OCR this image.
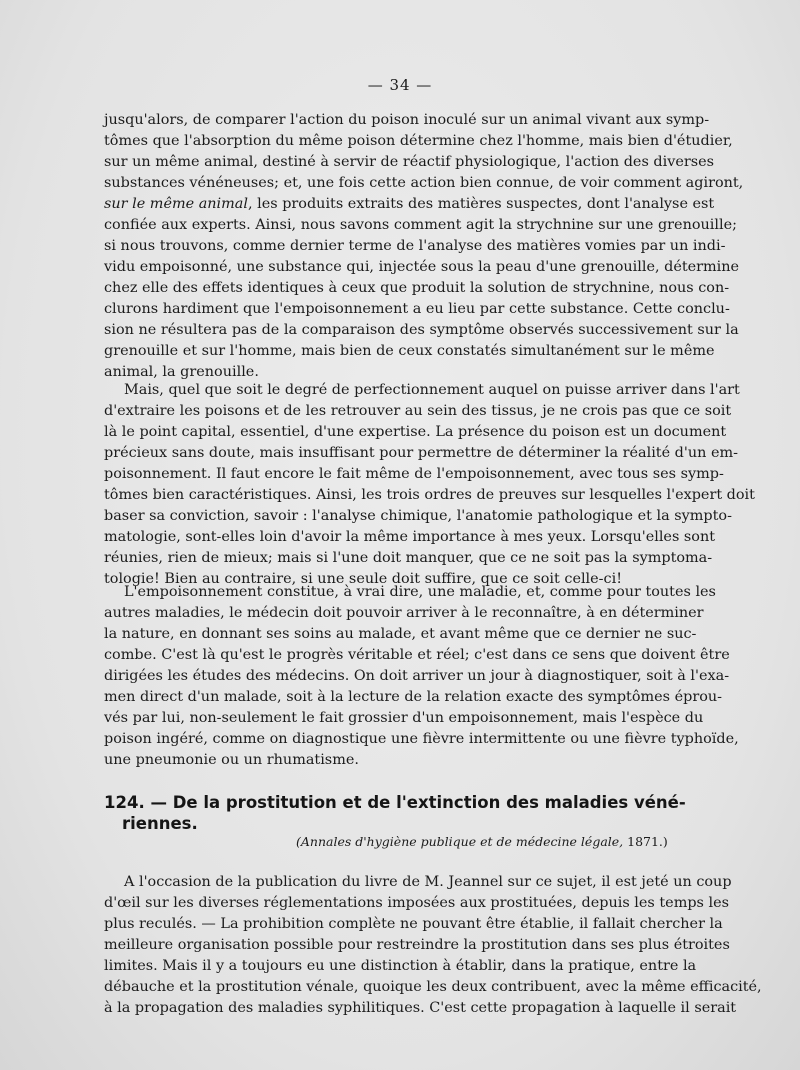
— 34 —
jusqu'alors, de comparer l'action du poison inoculé sur un animal vivant aux symp-
tômes que l'absorption du même poison détermine chez l'homme, mais bien d'étudier,
sur un même animal, destiné à servir de réactif physiologique, l'action des diverses
substances vénéneuses; et, une fois cette action bien connue, de voir comment agiront,
sur le même animal, les produits extraits des matières suspectes, dont l'analyse est
confiée aux experts. Ainsi, nous savons comment agit la strychnine sur une grenouille;
si nous trouvons, comme dernier terme de l'analyse des matières vomies par un indi-
vidu empoisonné, une substance qui, injectée sous la peau d'une grenouille, détermine
chez elle des effets identiques à ceux que produit la solution de strychnine, nous con-
clurons hardiment que l'empoisonnement a eu lieu par cette substance. Cette conclu-
sion ne résultera pas de la comparaison des symptôme observés successivement sur la
grenouille et sur l'homme, mais bien de ceux constatés simultanément sur le même
animal, la grenouille.
Mais, quel que soit le degré de perfectionnement auquel on puisse arriver dans l'art
d'extraire les poisons et de les retrouver au sein des tissus, je ne crois pas que ce soit
là le point capital, essentiel, d'une expertise. La présence du poison est un document
précieux sans doute, mais insuffisant pour permettre de déterminer la réalité d'un em-
poisonnement. Il faut encore le fait même de l'empoisonnement, avec tous ses symp-
tômes bien caractéristiques. Ainsi, les trois ordres de preuves sur lesquelles l'expert doit
baser sa conviction, savoir : l'analyse chimique, l'anatomie pathologique et la sympto-
matologie, sont-elles loin d'avoir la même importance à mes yeux. Lorsqu'elles sont
réunies, rien de mieux; mais si l'une doit manquer, que ce ne soit pas la symptoma-
tologie! Bien au contraire, si une seule doit suffire, que ce soit celle-ci!
L'empoisonnement constitue, à vrai dire, une maladie, et, comme pour toutes les
autres maladies, le médecin doit pouvoir arriver à le reconnaître, à en déterminer
la nature, en donnant ses soins au malade, et avant même que ce dernier ne suc-
combe. C'est là qu'est le progrès véritable et réel; c'est dans ce sens que doivent être
dirigées les études des médecins. On doit arriver un jour à diagnostiquer, soit à l'exa-
men direct d'un malade, soit à la lecture de la relation exacte des symptômes éprou-
vés par lui, non-seulement le fait grossier d'un empoisonnement, mais l'espèce du
poison ingéré, comme on diagnostique une fièvre intermittente ou une fièvre typhoïde,
une pneumonie ou un rhumatisme.
124. — De la prostitution et de l'extinction des maladies véné-
riennes.
(Annales d'hygiène publique et de médecine légale, 1871.)
A l'occasion de la publication du livre de M. Jeannel sur ce sujet, il est jeté un coup
d'œil sur les diverses réglementations imposées aux prostituées, depuis les temps les
plus reculés. — La prohibition complète ne pouvant être établie, il fallait chercher la
meilleure organisation possible pour restreindre la prostitution dans ses plus étroites
limites. Mais il y a toujours eu une distinction à établir, dans la pratique, entre la
débauche et la prostitution vénale, quoique les deux contribuent, avec la même efficacité,
à la propagation des maladies syphilitiques. C'est cette propagation à laquelle il serait
